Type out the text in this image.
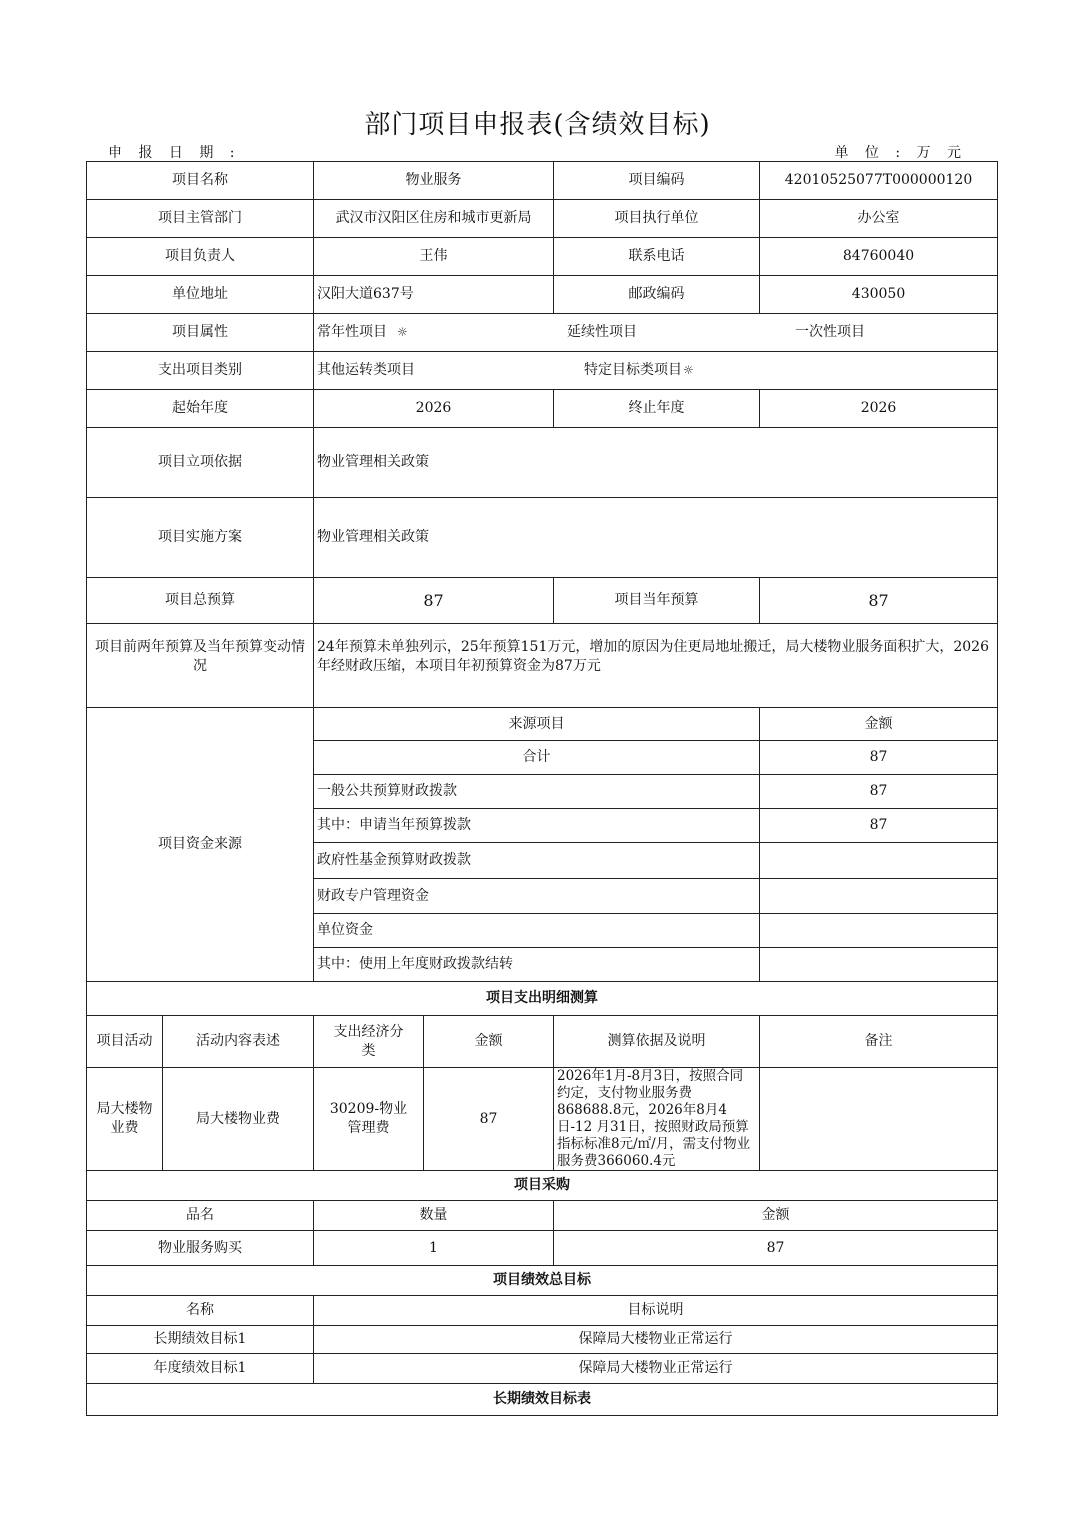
部门项目申报表(含绩效目标)
申 报 日 期 :	单 位 : 万 元
项目名称		物业服务		项目编码	42010525077T000000120
项目主管部门		武汉市汉阳区住房和城市更新局		项目执行单位	办公室
项目负责人		王伟		联系电话	84760040
单位地址		汉阳大道637号		邮政编码	430050
项目属性		常年性项目 ☼ 延续性项目 一次性项目			

支出项目类别		其他运转类项目 特定目标类项目☼			

起始年度		2026		终止年度	2026
项目立项依据		物业管理相关政策			
项目实施方案		物业管理相关政策			
项目总预算		87		项目当年预算	87
项目前两年预算及当年预算变动情况		24年预算未单独列示，25年预算151万元，增加的原因为住更局地址搬迁，局大楼物业服务面积扩大，2026年经财政压缩，本项目年初预算资金为87万元			
项目资金来源		来源项目			金额
		合计			87
		一般公共预算财政拨款			87
		其中：申请当年预算拨款			87
		政府性基金预算财政拨款			
		财政专户管理资金			
		单位资金			
		其中：使用上年度财政拨款结转			
项目支出明细测算					
项目活动	活动内容表述	支出经济分类	金额	测算依据及说明	备注
局大楼物业费	局大楼物业费	30209-物业管理费	87	2026年1月-8月3日，按照合同约定，支付物业服务费868688.8元，2026年8月4日-12 月31日，按照财政局预算指标标准8元/㎡/月，需支付物业服务费366060.4元	
项目采购					
品名		数量		金额	
物业服务购买		1		87	
项目绩效总目标					
名称		目标说明			
长期绩效目标1		保障局大楼物业正常运行			
年度绩效目标1		保障局大楼物业正常运行			
长期绩效目标表					
